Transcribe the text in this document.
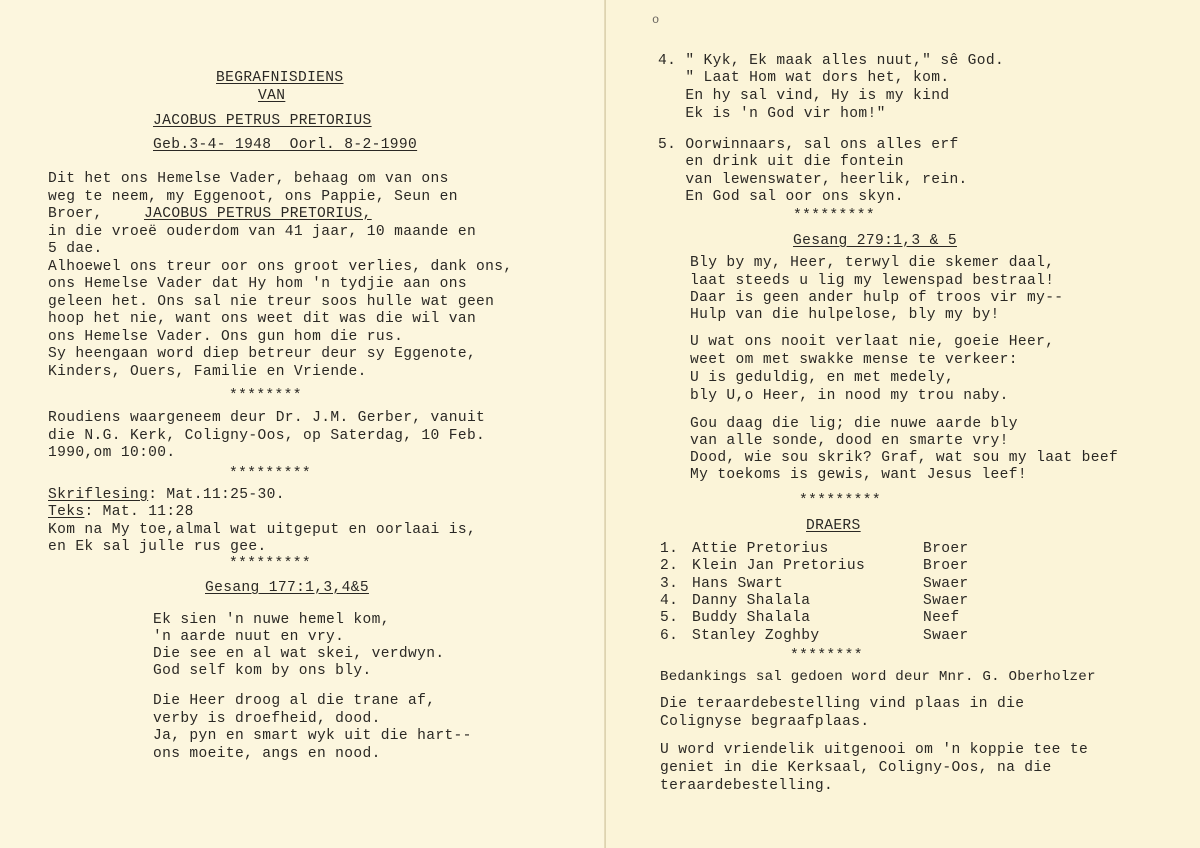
BEGRAFNISDIENS
VAN
JACOBUS PETRUS PRETORIUS
Geb.3-4- 1948  Oorl. 8-2-1990
Dit het ons Hemelse Vader, behaag om van ons
weg te neem, my Eggenoot, ons Pappie, Seun en
Broer,	JACOBUS PETRUS PRETORIUS,
in die vroeë ouderdom van 41 jaar, 10 maande en
5 dae.
Alhoewel ons treur oor ons groot verlies, dank ons,
ons Hemelse Vader dat Hy hom 'n tydjie aan ons
geleen het. Ons sal nie treur soos hulle wat geen
hoop het nie, want ons weet dit was die wil van
ons Hemelse Vader. Ons gun hom die rus.
Sy heengaan word diep betreur deur sy Eggenote,
Kinders, Ouers, Familie en Vriende.
********
Roudiens waargeneem deur Dr. J.M. Gerber, vanuit
die N.G. Kerk, Coligny-Oos, op Saterdag, 10 Feb.
1990,om 10:00.
*********
Skriflesing: Mat.11:25-30.
Teks: Mat. 11:28
Kom na My toe,almal wat uitgeput en oorlaai is,
en Ek sal julle rus gee.
*********
Gesang 177:1,3,4&5
Ek sien 'n nuwe hemel kom,
'n aarde nuut en vry.
Die see en al wat skei, verdwyn.
God self kom by ons bly.
Die Heer droog al die trane af,
verby is droefheid, dood.
Ja, pyn en smart wyk uit die hart--
ons moeite, angs en nood.
o
4. " Kyk, Ek maak alles nuut," sê God.
" Laat Hom wat dors het, kom.
En hy sal vind, Hy is my kind
Ek is 'n God vir hom!"
5. Oorwinnaars, sal ons alles erf
en drink uit die fontein
van lewenswater, heerlik, rein.
En God sal oor ons skyn.
*********
Gesang 279:1,3 & 5
Bly by my, Heer, terwyl die skemer daal,
laat steeds u lig my lewenspad bestraal!
Daar is geen ander hulp of troos vir my--
Hulp van die hulpelose, bly my by!
U wat ons nooit verlaat nie, goeie Heer,
weet om met swakke mense te verkeer:
U is geduldig, en met medely,
bly U,o Heer, in nood my trou naby.
Gou daag die lig; die nuwe aarde bly
van alle sonde, dood en smarte vry!
Dood, wie sou skrik? Graf, wat sou my laat beef
My toekoms is gewis, want Jesus leef!
*********
DRAERS
1. Attie Pretorius	Broer
2. Klein Jan Pretorius	Broer
3. Hans Swart	Swaer
4. Danny Shalala	Swaer
5. Buddy Shalala	Neef
6. Stanley Zoghby	Swaer
********
Bedankings sal gedoen word deur Mnr. G. Oberholzer
Die teraardebestelling vind plaas in die
Colignyse begraafplaas.
U word vriendelik uitgenooi om 'n koppie tee te
geniet in die Kerksaal, Coligny-Oos, na die
teraardebestelling.
